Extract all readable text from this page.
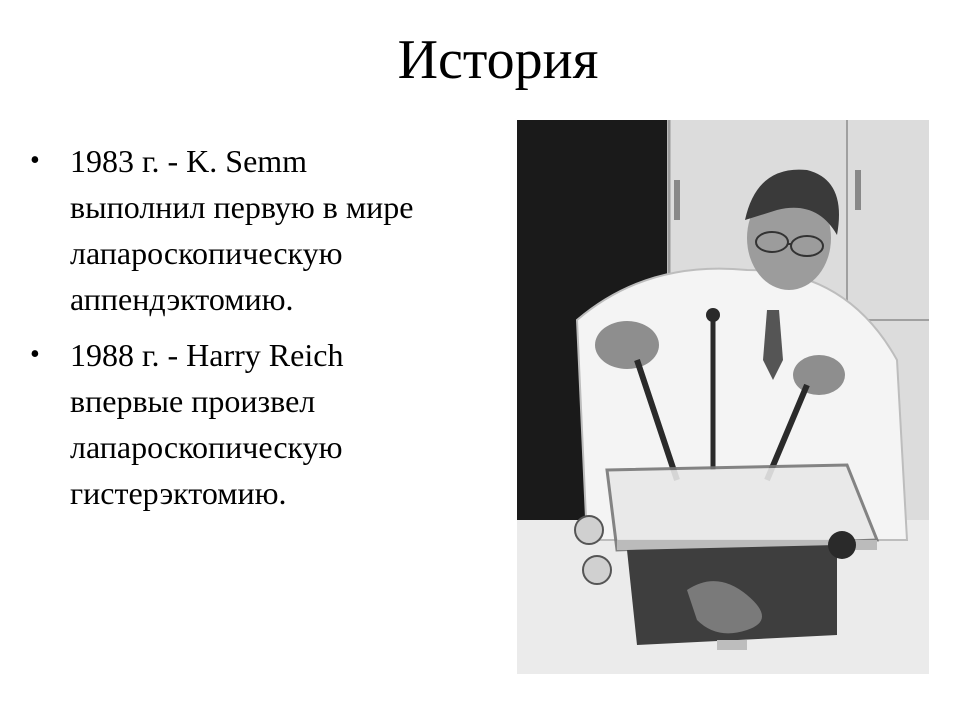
История
• 1983 г. - K. Semm
выполнил первую в мире
лапароскопическую
аппендэктомию.
• 1988 г. - Harry Reich
впервые произвел
лапароскопическую
гистерэктомию.
